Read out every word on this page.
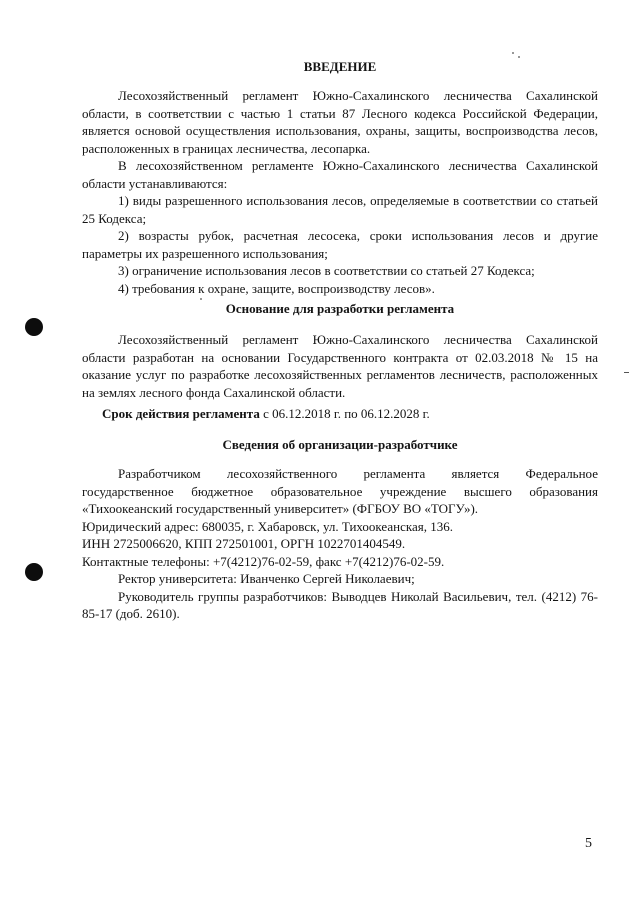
ВВЕДЕНИЕ

Лесохозяйственный регламент Южно-Сахалинского лесничества Сахалинской области, в соответствии с частью 1 статьи 87 Лесного кодекса Российской Федерации, является основой осуществления использования, охраны, защиты, воспроизводства лесов, расположенных в границах лесничества, лесопарка.

В лесохозяйственном регламенте Южно-Сахалинского лесничества Сахалинской области устанавливаются:

1) виды разрешенного использования лесов, определяемые в соответствии со статьей 25 Кодекса;

2) возрасты рубок, расчетная лесосека, сроки использования лесов и другие параметры их разрешенного использования;

3) ограничение использования лесов в соответствии со статьей 27 Кодекса;

4) требования к охране, защите, воспроизводству лесов».

Основание для разработки регламента

Лесохозяйственный регламент Южно-Сахалинского лесничества Сахалинской области разработан на основании Государственного контракта от 02.03.2018 № 15 на оказание услуг по разработке лесохозяйственных регламентов лесничеств, расположенных на землях лесного фонда Сахалинской области.

Срок действия регламента с 06.12.2018 г. по 06.12.2028 г.

Сведения об организации-разработчике

Разработчиком лесохозяйственного регламента является Федеральное государственное бюджетное образовательное учреждение высшего образования «Тихоокеанский государственный университет» (ФГБОУ ВО «ТОГУ»).

Юридический адрес: 680035, г. Хабаровск, ул. Тихоокеанская, 136.

ИНН 2725006620, КПП 272501001, ОРГН 1022701404549.

Контактные телефоны: +7(4212)76-02-59, факс +7(4212)76-02-59.

Ректор университета: Иванченко Сергей Николаевич;

Руководитель группы разработчиков: Выводцев Николай Васильевич, тел. (4212) 76-85-17 (доб. 2610).

5
